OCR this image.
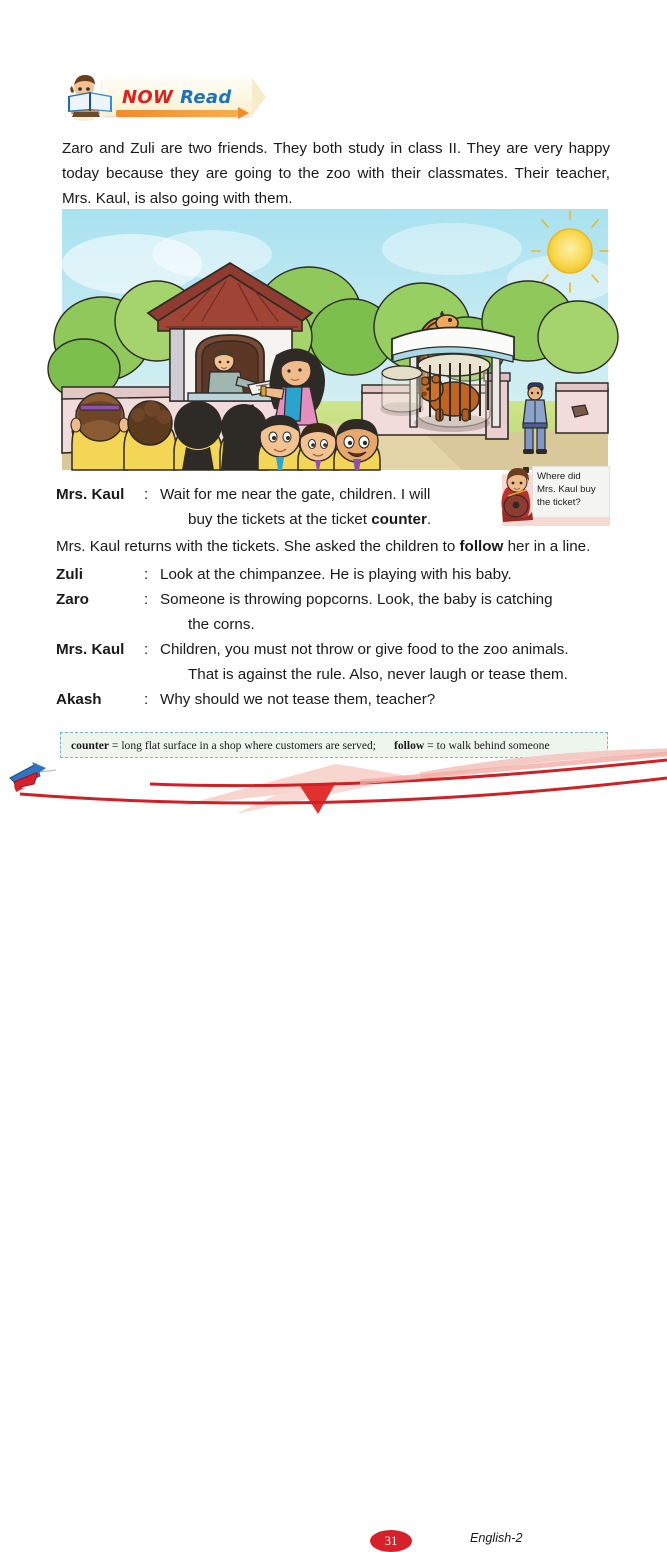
NOW Read

Zaro and Zuli are two friends. They both study in class II. They are very happy today because they are going to the zoo with their classmates. Their teacher, Mrs. Kaul, is also going with them.

Mrs. Kaul	: Wait for me near the gate, children. I will
buy the tickets at the ticket counter.
Mrs. Kaul returns with the tickets. She asked the children to follow her in a line.
Zuli	: Look at the chimpanzee. He is playing with his baby.
Zaro	: Someone is throwing popcorns. Look, the baby is catching
the corns.
Mrs. Kaul	: Children, you must not throw or give food to the zoo animals.
That is against the rule. Also, never laugh or tease them.
Akash	: Why should we not tease them, teacher?
Where did
Mrs. Kaul buy
the ticket?
counter = long flat surface in a shop where customers are served; follow = to walk behind someone
31	English-2
